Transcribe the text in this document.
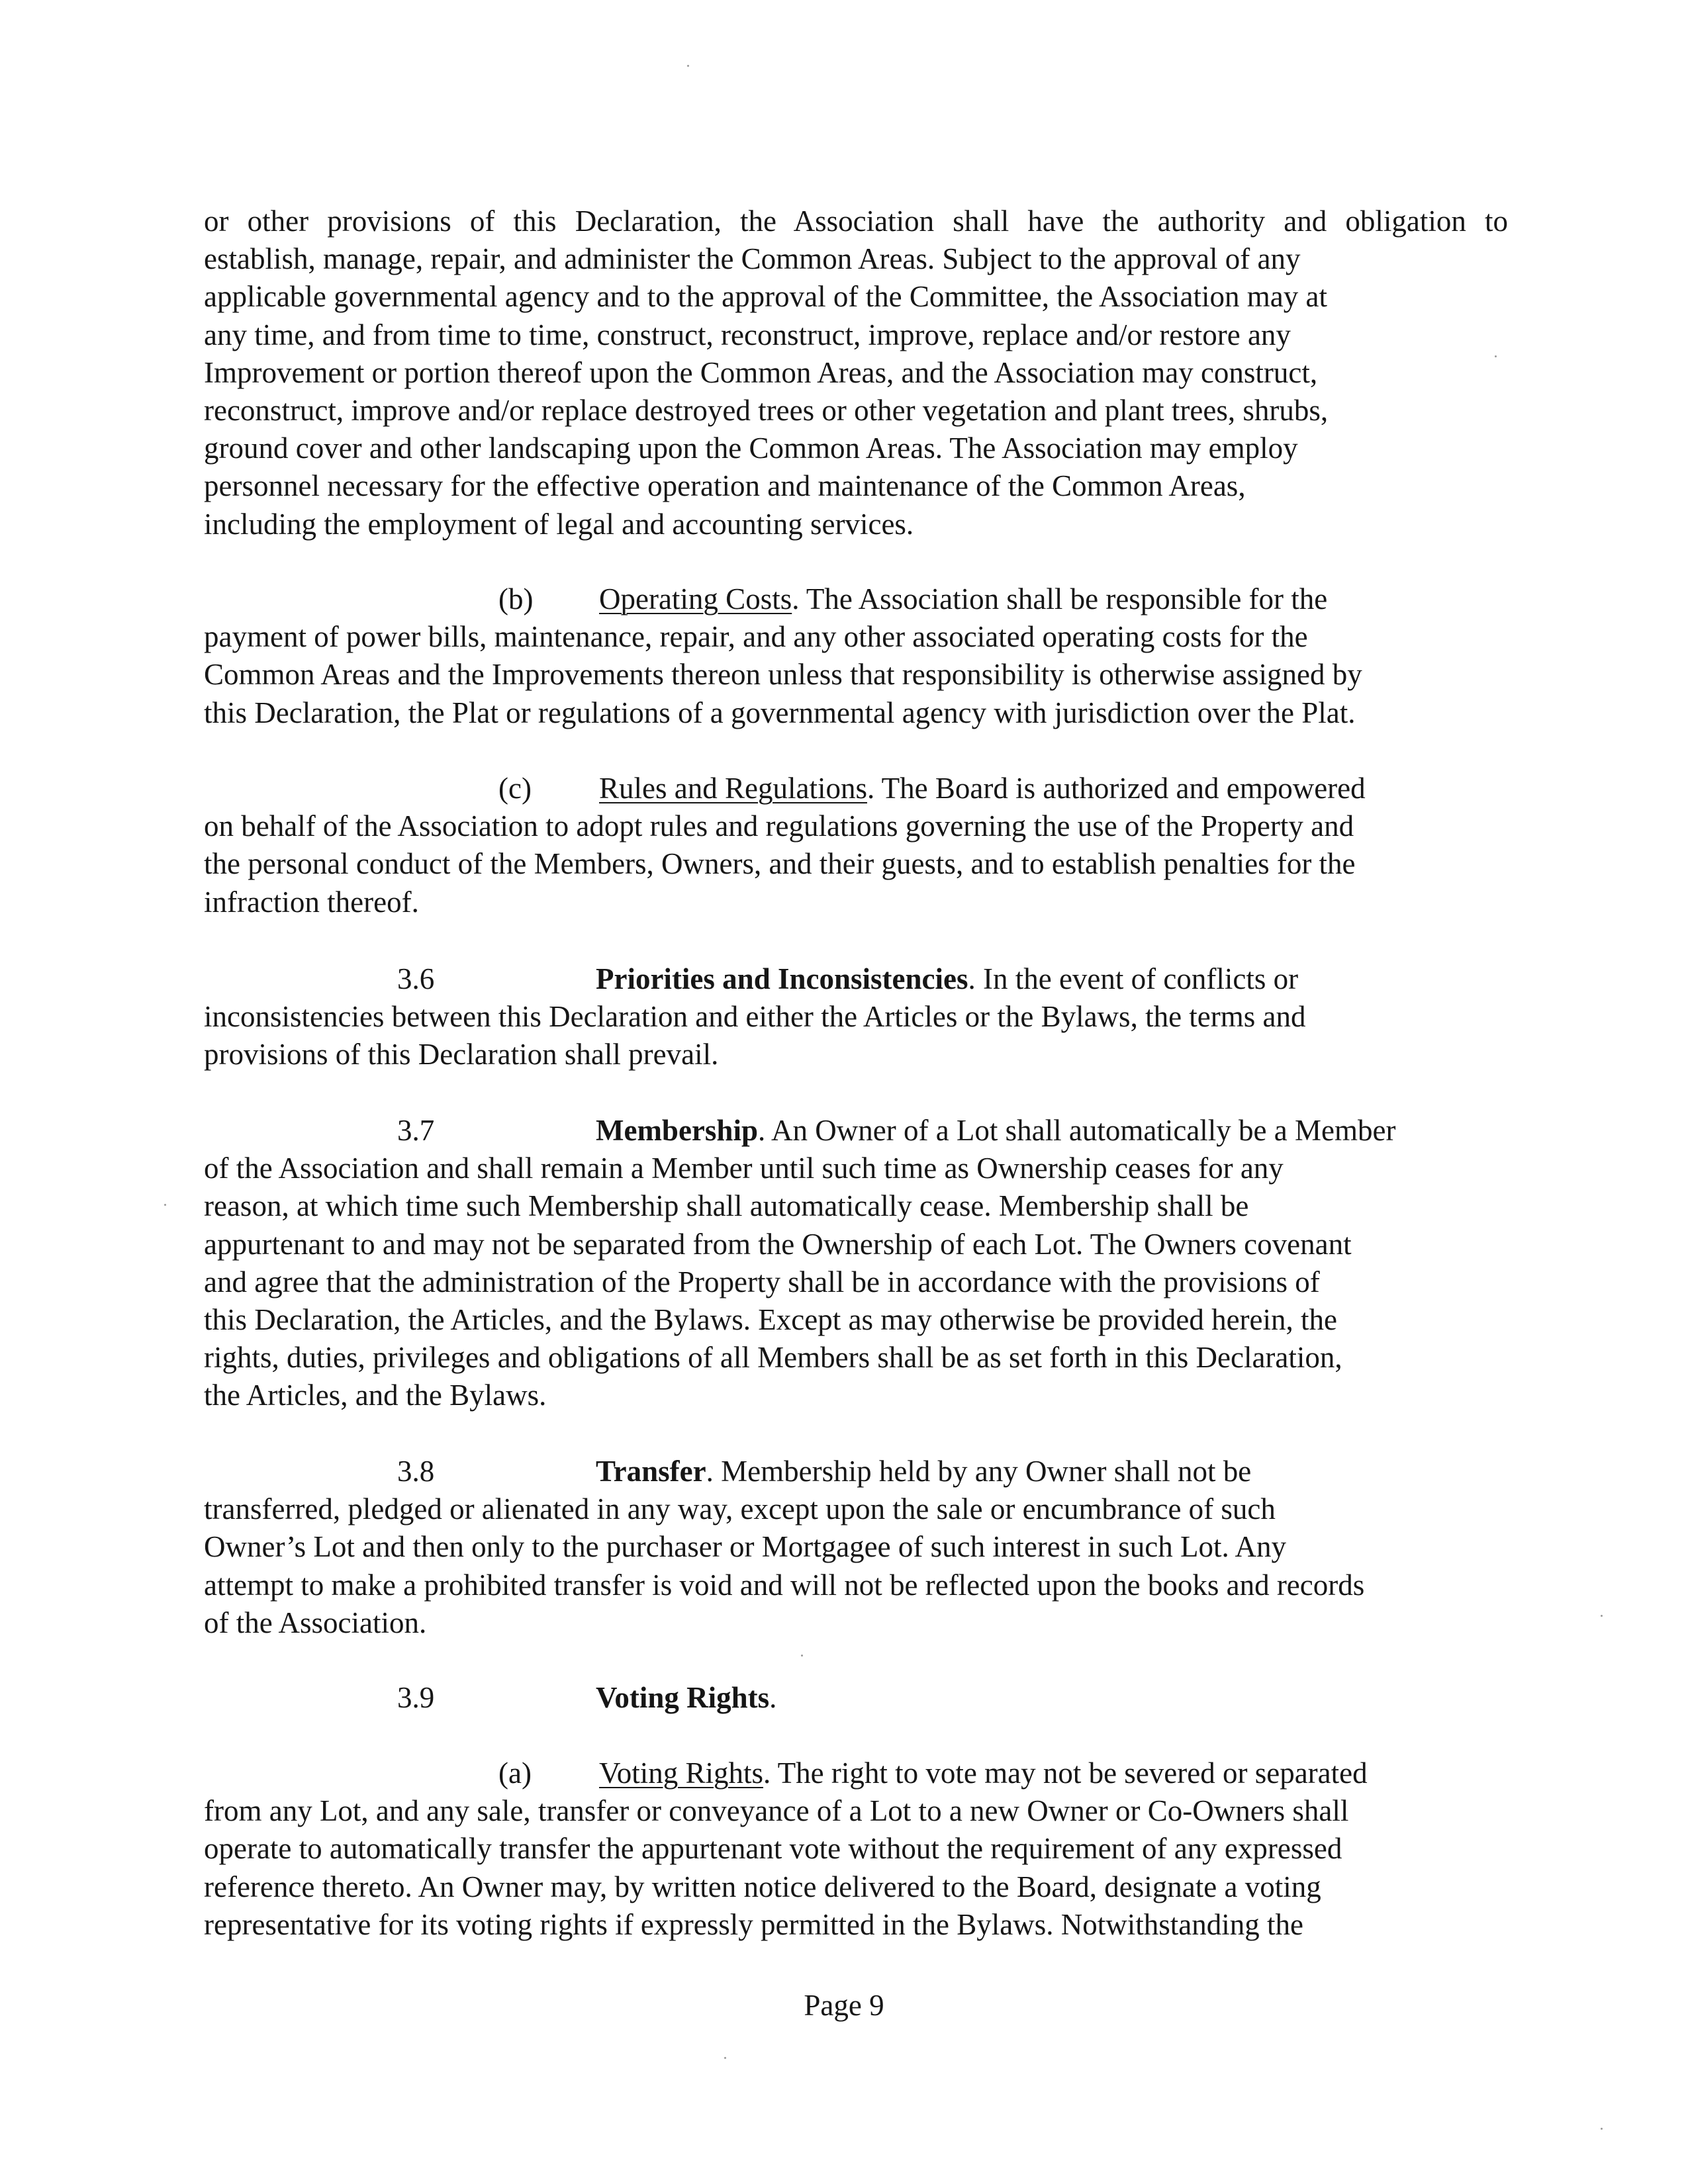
or other provisions of this Declaration, the Association shall have the authority and obligation to
establish, manage, repair, and administer the Common Areas. Subject to the approval of any
applicable governmental agency and to the approval of the Committee, the Association may at
any time, and from time to time, construct, reconstruct, improve, replace and/or restore any
Improvement or portion thereof upon the Common Areas, and the Association may construct,
reconstruct, improve and/or replace destroyed trees or other vegetation and plant trees, shrubs,
ground cover and other landscaping upon the Common Areas. The Association may employ
personnel necessary for the effective operation and maintenance of the Common Areas,
including the employment of legal and accounting services.
(b) Operating Costs. The Association shall be responsible for the
payment of power bills, maintenance, repair, and any other associated operating costs for the
Common Areas and the Improvements thereon unless that responsibility is otherwise assigned by
this Declaration, the Plat or regulations of a governmental agency with jurisdiction over the Plat.
(c) Rules and Regulations. The Board is authorized and empowered
on behalf of the Association to adopt rules and regulations governing the use of the Property and
the personal conduct of the Members, Owners, and their guests, and to establish penalties for the
infraction thereof.
3.6	Priorities and Inconsistencies. In the event of conflicts or
inconsistencies between this Declaration and either the Articles or the Bylaws, the terms and
provisions of this Declaration shall prevail.
3.7	Membership. An Owner of a Lot shall automatically be a Member
of the Association and shall remain a Member until such time as Ownership ceases for any
reason, at which time such Membership shall automatically cease. Membership shall be
appurtenant to and may not be separated from the Ownership of each Lot. The Owners covenant
and agree that the administration of the Property shall be in accordance with the provisions of
this Declaration, the Articles, and the Bylaws. Except as may otherwise be provided herein, the
rights, duties, privileges and obligations of all Members shall be as set forth in this Declaration,
the Articles, and the Bylaws.
3.8	Transfer. Membership held by any Owner shall not be
transferred, pledged or alienated in any way, except upon the sale or encumbrance of such
Owner’s Lot and then only to the purchaser or Mortgagee of such interest in such Lot. Any
attempt to make a prohibited transfer is void and will not be reflected upon the books and records
of the Association.
3.9	Voting Rights.
(a) Voting Rights. The right to vote may not be severed or separated
from any Lot, and any sale, transfer or conveyance of a Lot to a new Owner or Co-Owners shall
operate to automatically transfer the appurtenant vote without the requirement of any expressed
reference thereto. An Owner may, by written notice delivered to the Board, designate a voting
representative for its voting rights if expressly permitted in the Bylaws. Notwithstanding the
Page 9
